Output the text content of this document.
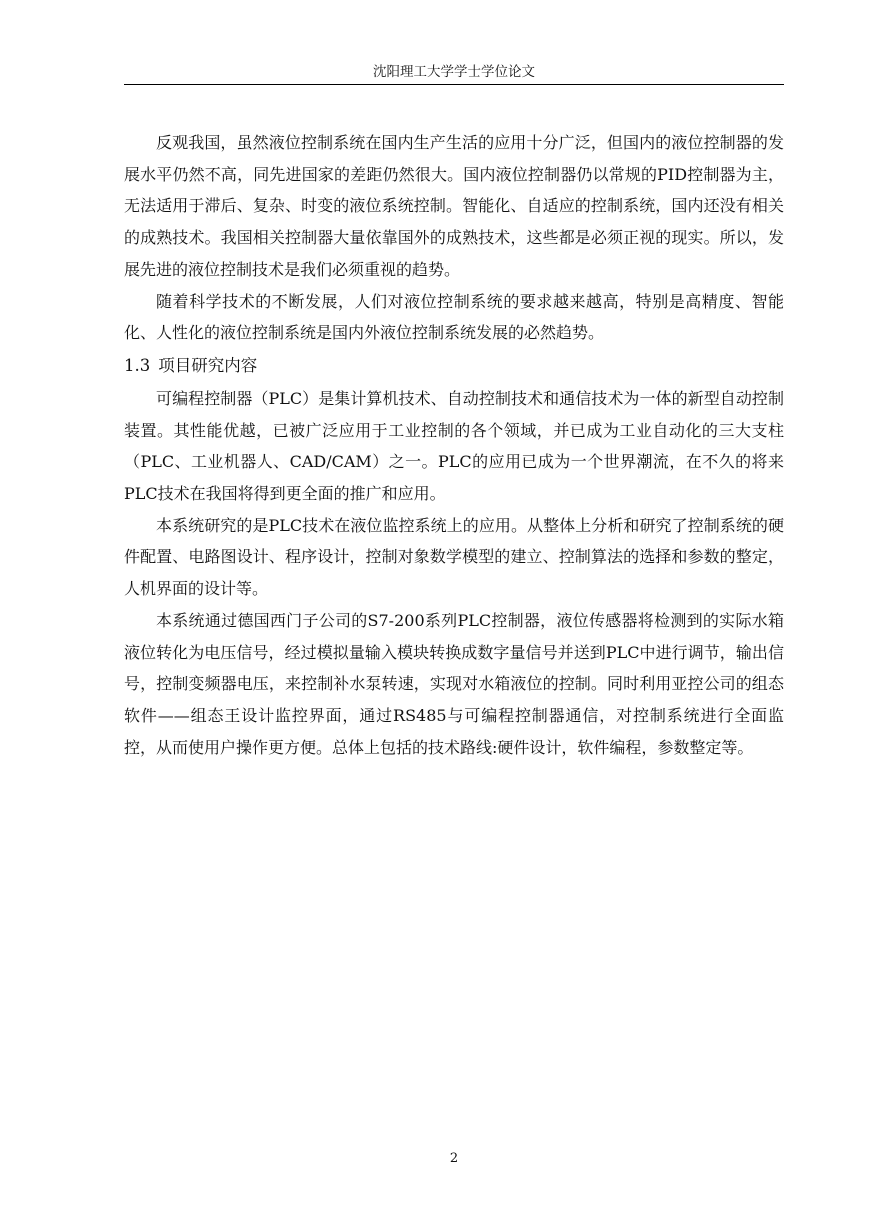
沈阳理工大学学士学位论文

反观我国，虽然液位控制系统在国内生产生活的应用十分广泛，但国内的液位控制器的发展水平仍然不高，同先进国家的差距仍然很大。国内液位控制器仍以常规的PID控制器为主，无法适用于滞后、复杂、时变的液位系统控制。智能化、自适应的控制系统，国内还没有相关的成熟技术。我国相关控制器大量依靠国外的成熟技术，这些都是必须正视的现实。所以，发展先进的液位控制技术是我们必须重视的趋势。

随着科学技术的不断发展，人们对液位控制系统的要求越来越高，特别是高精度、智能化、人性化的液位控制系统是国内外液位控制系统发展的必然趋势。

1.3 项目研究内容

可编程控制器（PLC）是集计算机技术、自动控制技术和通信技术为一体的新型自动控制装置。其性能优越，已被广泛应用于工业控制的各个领域，并已成为工业自动化的三大支柱（PLC、工业机器人、CAD/CAM）之一。PLC的应用已成为一个世界潮流，在不久的将来PLC技术在我国将得到更全面的推广和应用。

本系统研究的是PLC技术在液位监控系统上的应用。从整体上分析和研究了控制系统的硬件配置、电路图设计、程序设计，控制对象数学模型的建立、控制算法的选择和参数的整定，人机界面的设计等。

本系统通过德国西门子公司的S7-200系列PLC控制器，液位传感器将检测到的实际水箱液位转化为电压信号，经过模拟量输入模块转换成数字量信号并送到PLC中进行调节，输出信号，控制变频器电压，来控制补水泵转速，实现对水箱液位的控制。同时利用亚控公司的组态软件——组态王设计监控界面，通过RS485与可编程控制器通信，对控制系统进行全面监控，从而使用户操作更方便。总体上包括的技术路线:硬件设计，软件编程，参数整定等。

2
